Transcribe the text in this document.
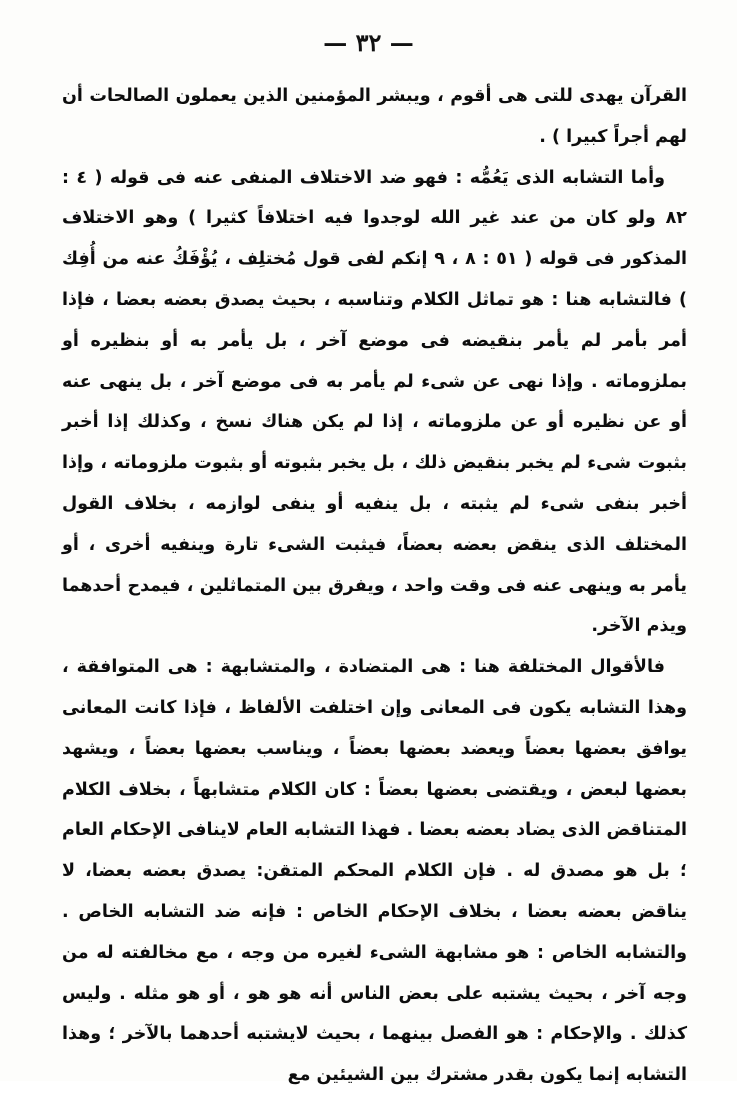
— ٣٢ —

القرآن يهدى للتى هى أقوم ، ويبشر المؤمنين الذين يعملون الصالحات أن لهم أجراً كبيرا ) .

وأما التشابه الذى يَعُمُّه : فهو ضد الاختلاف المنفى عنه فى قوله ( ٤ : ٨٢ ولو كان من عند غير الله لوجدوا فيه اختلافاً كثيرا ) وهو الاختلاف المذكور فى قوله ( ٥١ : ٨ ، ٩ إنكم لفى قول مُختلِف ، يُؤْفَكُ عنه من أُفِك ) فالتشابه هنا : هو تماثل الكلام وتناسبه ، بحيث يصدق بعضه بعضا ، فإذا أمر بأمر لم يأمر بنقيضه فى موضع آخر ، بل يأمر به أو بنظيره أو بملزوماته . وإذا نهى عن شىء لم يأمر به فى موضع آخر ، بل ينهى عنه أو عن نظيره أو عن ملزوماته ، إذا لم يكن هناك نسخ ، وكذلك إذا أخبر بثبوت شىء لم يخبر بنقيض ذلك ، بل يخبر بثبوته أو بثبوت ملزوماته ، وإذا أخبر بنفى شىء لم يثبته ، بل ينفيه أو ينفى لوازمه ، بخلاف القول المختلف الذى ينقض بعضه بعضاً، فيثبت الشىء تارة وينفيه أخرى ، أو يأمر به وينهى عنه فى وقت واحد ، ويفرق بين المتماثلين ، فيمدح أحدهما ويذم الآخر.

فالأقوال المختلفة هنا : هى المتضادة ، والمتشابهة : هى المتوافقة ، وهذا التشابه يكون فى المعانى وإن اختلفت الألفاظ ، فإذا كانت المعانى يوافق بعضها بعضاً ويعضد بعضها بعضاً ، ويناسب بعضها بعضاً ، ويشهد بعضها لبعض ، ويقتضى بعضها بعضاً : كان الكلام متشابهاً ، بخلاف الكلام المتناقض الذى يضاد بعضه بعضا . فهذا التشابه العام لاينافى الإحكام العام ؛ بل هو مصدق له . فإن الكلام المحكم المتقن: يصدق بعضه بعضا، لا يناقض بعضه بعضا ، بخلاف الإحكام الخاص : فإنه ضد التشابه الخاص . والتشابه الخاص : هو مشابهة الشىء لغيره من وجه ، مع مخالفته له من وجه آخر ، بحيث يشتبه على بعض الناس أنه هو هو ، أو هو مثله . وليس كذلك . والإحكام : هو الفصل بينهما ، بحيث لايشتبه أحدهما بالآخر ؛ وهذا التشابه إنما يكون بقدر مشترك بين الشيئين مع
